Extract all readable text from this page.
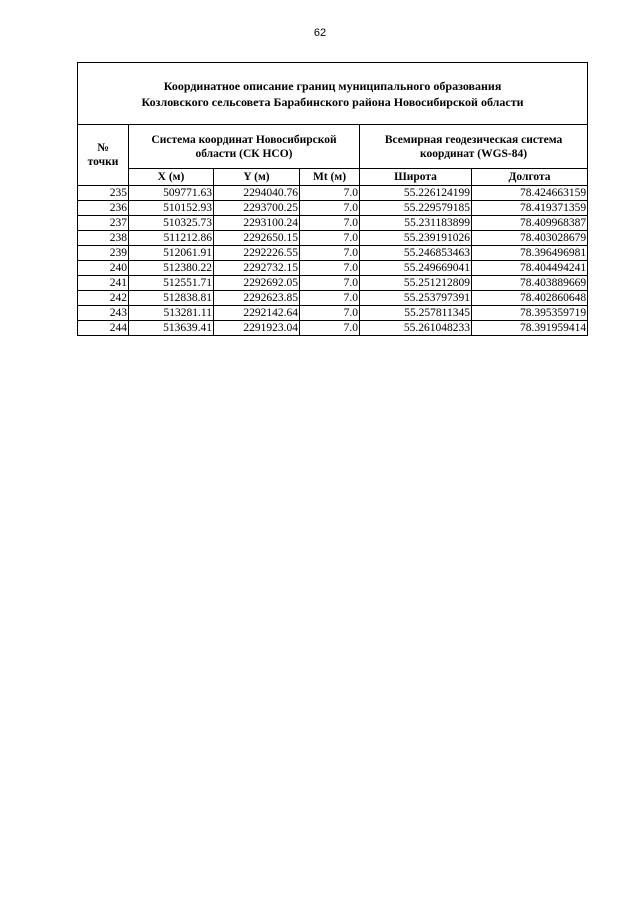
62
Координатное описание границ муниципального образования
Козловского сельсовета Барабинского района Новосибирской области					
№
точки	Система координат Новосибирской
области (СК НСО)			Всемирная геодезическая система
координат (WGS-84)	
	X (м)	Y (м)	Mt (м)	Широта	Долгота
235	509771.63	2294040.76	7.0	55.226124199	78.424663159
236	510152.93	2293700.25	7.0	55.229579185	78.419371359
237	510325.73	2293100.24	7.0	55.231183899	78.409968387
238	511212.86	2292650.15	7.0	55.239191026	78.403028679
239	512061.91	2292226.55	7.0	55.246853463	78.396496981
240	512380.22	2292732.15	7.0	55.249669041	78.404494241
241	512551.71	2292692.05	7.0	55.251212809	78.403889669
242	512838.81	2292623.85	7.0	55.253797391	78.402860648
243	513281.11	2292142.64	7.0	55.257811345	78.395359719
244	513639.41	2291923.04	7.0	55.261048233	78.391959414
